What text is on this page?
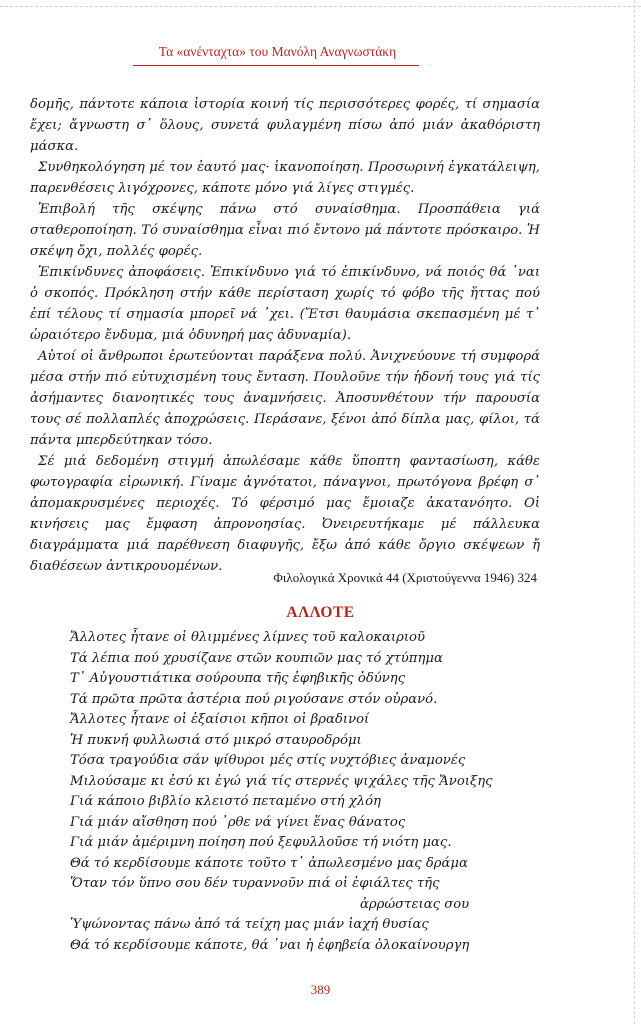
Τα «ανένταχτα» του Μανόλη Αναγνωστάκη

δομῆς, πάντοτε κάποια ἱστορία κοινή τίς περισσότερες φορές, τί σημασία ἔχει; ἄγνωστη σ᾽ ὅλους, συνετά φυλαγμένη πίσω ἀπό μιάν ἀκαθόριστη μάσκα.

Συνθηκολόγηση μέ τον ἑαυτό μας· ἱκανοποίηση. Προσωρινή ἐγκατάλειψη, παρενθέσεις λιγόχρονες, κάποτε μόνο γιά λίγες στιγμές.

Ἐπιβολή τῆς σκέψης πάνω στό συναίσθημα. Προσπάθεια γιά σταθεροποίηση. Τό συναίσθημα εἶναι πιό ἔντονο μά πάντοτε πρόσκαιρο. Ἡ σκέψη ὄχι, πολλές φορές.

Ἐπικίνδυνες ἀποφάσεις. Ἐπικίνδυνο γιά τό ἐπικίνδυνο, νά ποιός θά ᾽ναι ὁ σκοπός. Πρόκληση στήν κάθε περίσταση χωρίς τό φόβο τῆς ἥττας πού ἐπί τέλους τί σημασία μπορεῖ νά ᾽χει. (Ἔτσι θαυμάσια σκεπασμένη μέ τ᾽ ὡραιότερο ἔνδυμα, μιά ὀδυνηρή μας ἀδυναμία).

Αὐτοί οἱ ἄνθρωποι ἐρωτεύονται παράξενα πολύ. Ἀνιχνεύουνε τή συμφορά μέσα στήν πιό εὐτυχισμένη τους ἔνταση. Πουλοῦνε τήν ἡδονή τους γιά τίς ἀσήμαντες διανοητικές τους ἀναμνήσεις. Ἀποσυνθέτουν τήν παρουσία τους σέ πολλαπλές ἀποχρώσεις. Περάσανε, ξένοι ἀπό δίπλα μας, φίλοι, τά πάντα μπερδεύτηκαν τόσο.

Σέ μιά δεδομένη στιγμή ἀπωλέσαμε κάθε ὕποπτη φαντασίωση, κάθε φωτογραφία εἰρωνική. Γίναμε ἀγνότατοι, πάναγνοι, πρωτόγονα βρέφη σ᾽ ἀπομακρυσμένες περιοχές. Τό φέρσιμό μας ἔμοιαζε ἀκατανόητο. Οἱ κινήσεις μας ἔμφαση ἀπρονοησίας. Ὀνειρευτήκαμε μέ πάλλευκα διαγράμματα μιά παρέθνεση διαφυγῆς, ἔξω ἀπό κάθε ὄργιο σκέψεων ἤ διαθέσεων ἀντικρουομένων.

Φιλολογικά Χρονικά 44 (Χριστούγεννα 1946) 324
ΑΛΛΟΤΕ
Ἄλλοτες ἦτανε οἱ θλιμμένες λίμνες τοῦ καλοκαιριοῦ
Τά λέπια πού χρυσίζανε στῶν κουπιῶν μας τό χτύπημα
Τ᾽ Αὐγουστιάτικα σούρουπα τῆς ἐφηβικῆς ὀδύνης
Τά πρῶτα πρῶτα ἀστέρια πού ριγούσανε στόν οὐρανό.
Ἄλλοτες ἦτανε οἱ ἐξαίσιοι κῆποι οἱ βραδινοί
Ἡ πυκνή φυλλωσιά στό μικρό σταυροδρόμι
Τόσα τραγούδια σάν ψίθυροι μές στίς νυχτόβιες ἀναμονές
Μιλούσαμε κι ἐσύ κι ἐγώ γιά τίς στερνές ψιχάλες τῆς Ἄνοιξης
Γιά κάποιο βιβλίο κλειστό πεταμένο στή χλόη
Γιά μιάν αἴσθηση πού ᾽ρθε νά γίνει ἕνας θάνατος
Γιά μιάν ἀμέριμνη ποίηση πού ξεφυλλοῦσε τή νιότη μας.
Θά τό κερδίσουμε κάποτε τοῦτο τ᾽ ἀπωλεσμένο μας δράμα
Ὅταν τόν ὕπνο σου δέν τυραννοῦν πιά οἱ ἐφιάλτες τῆς
ἀρρώστειας σου
Ὑψώνοντας πάνω ἀπό τά τείχη μας μιάν ἰαχή θυσίας
Θά τό κερδίσουμε κάποτε, θά ᾽ναι ἡ ἐφηβεία ὁλοκαίνουργη
389
